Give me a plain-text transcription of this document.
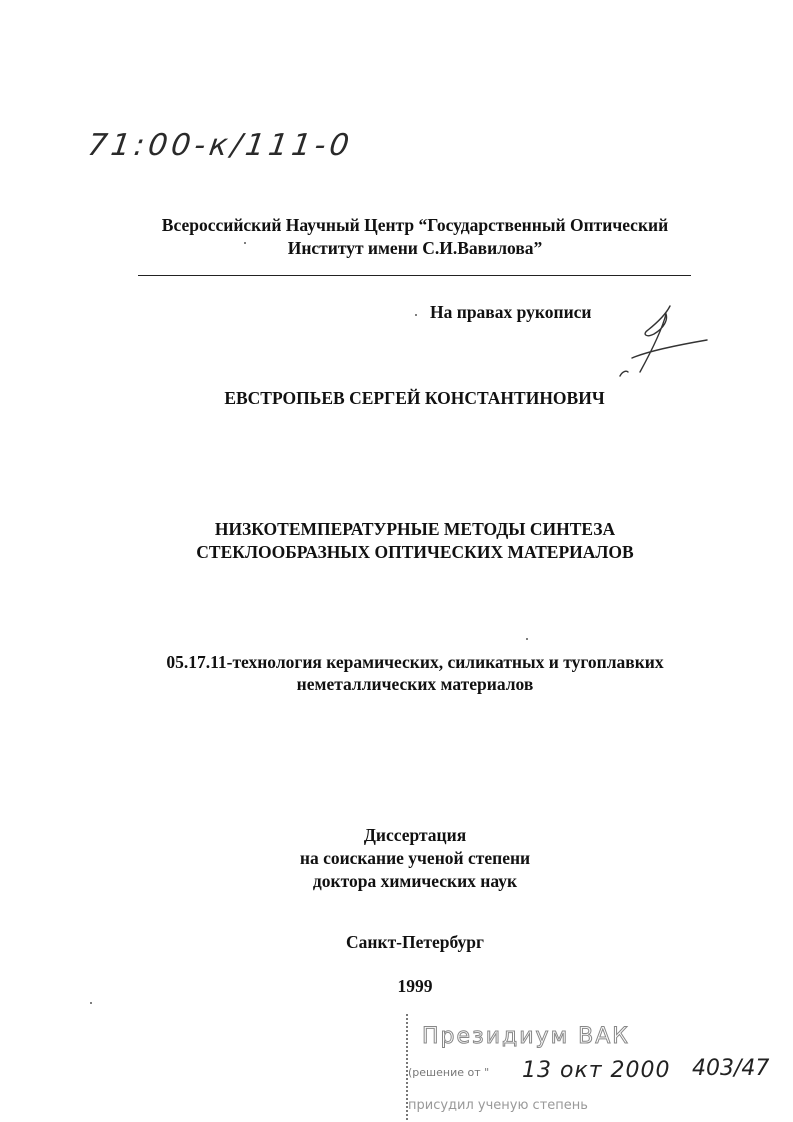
71:00-к/111-0
Всероссийский Научный Центр “Государственный Оптический
Институт имени С.И.Вавилова”
На правах рукописи
ЕВСТРОПЬЕВ СЕРГЕЙ КОНСТАНТИНОВИЧ
НИЗКОТЕМПЕРАТУРНЫЕ МЕТОДЫ СИНТЕЗА
СТЕКЛООБРАЗНЫХ ОПТИЧЕСКИХ МАТЕРИАЛОВ
05.17.11-технология керамических, силикатных и тугоплавких
неметаллических материалов
Диссертация
на соискание ученой степени
доктора химических наук
Санкт-Петербург
1999
Президиум ВАК
(решение от " 13 окт 2000 403/47
присудил ученую степень
